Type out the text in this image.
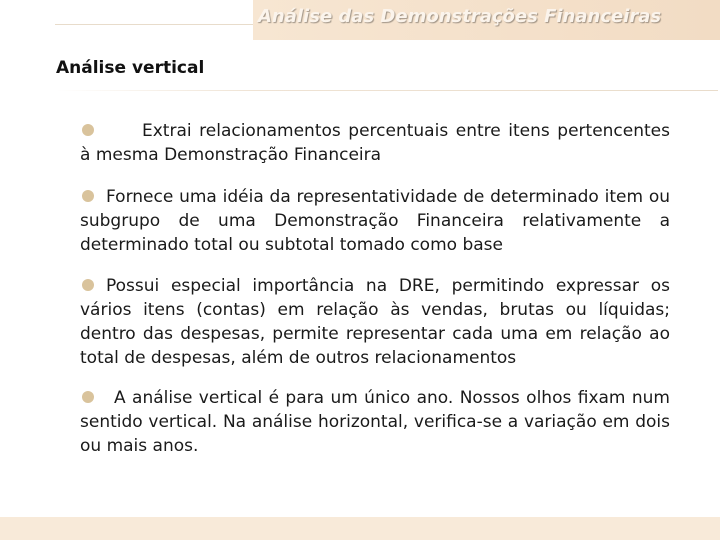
Análise das Demonstrações Financeiras
Análise vertical

Extrai relacionamentos percentuais entre itens pertencentes à mesma Demonstração Financeira

Fornece uma idéia da representatividade de determinado item ou subgrupo de uma Demonstração Financeira relativamente a determinado total ou subtotal tomado como base

Possui especial importância na DRE, permitindo expressar os vários itens (contas) em relação às vendas, brutas ou líquidas; dentro das despesas, permite representar cada uma em relação ao total de despesas, além de outros relacionamentos

A análise vertical é para um único ano. Nossos olhos fixam num sentido vertical. Na análise horizontal, verifica-se a variação em dois ou mais anos.
